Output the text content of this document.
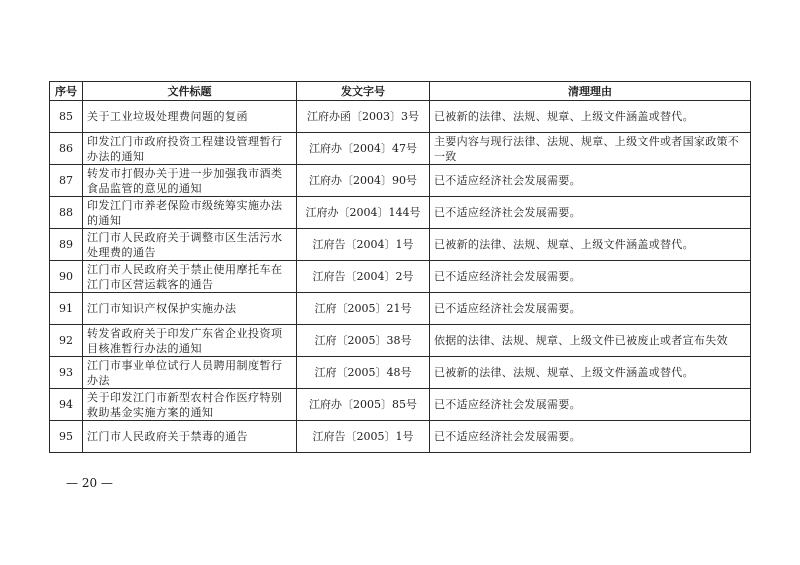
序号	文件标题	发文字号	清理理由
85	关于工业垃圾处理费问题的复函	江府办函〔2003〕3号	已被新的法律、法规、规章、上级文件涵盖或替代。
86	印发江门市政府投资工程建设管理暂行办法的通知	江府办〔2004〕47号	主要内容与现行法律、法规、规章、上级文件或者国家政策不一致
87	转发市打假办关于进一步加强我市酒类食品监管的意见的通知	江府办〔2004〕90号	已不适应经济社会发展需要。
88	印发江门市养老保险市级统筹实施办法的通知	江府办〔2004〕144号	已不适应经济社会发展需要。
89	江门市人民政府关于调整市区生活污水处理费的通告	江府告〔2004〕1号	已被新的法律、法规、规章、上级文件涵盖或替代。
90	江门市人民政府关于禁止使用摩托车在江门市区营运载客的通告	江府告〔2004〕2号	已不适应经济社会发展需要。
91	江门市知识产权保护实施办法	江府〔2005〕21号	已不适应经济社会发展需要。
92	转发省政府关于印发广东省企业投资项目核准暂行办法的通知	江府〔2005〕38号	依据的法律、法规、规章、上级文件已被废止或者宣布失效
93	江门市事业单位试行人员聘用制度暂行办法	江府〔2005〕48号	已被新的法律、法规、规章、上级文件涵盖或替代。
94	关于印发江门市新型农村合作医疗特别救助基金实施方案的通知	江府办〔2005〕85号	已不适应经济社会发展需要。
95	江门市人民政府关于禁毒的通告	江府告〔2005〕1号	已不适应经济社会发展需要。
— 20 —
